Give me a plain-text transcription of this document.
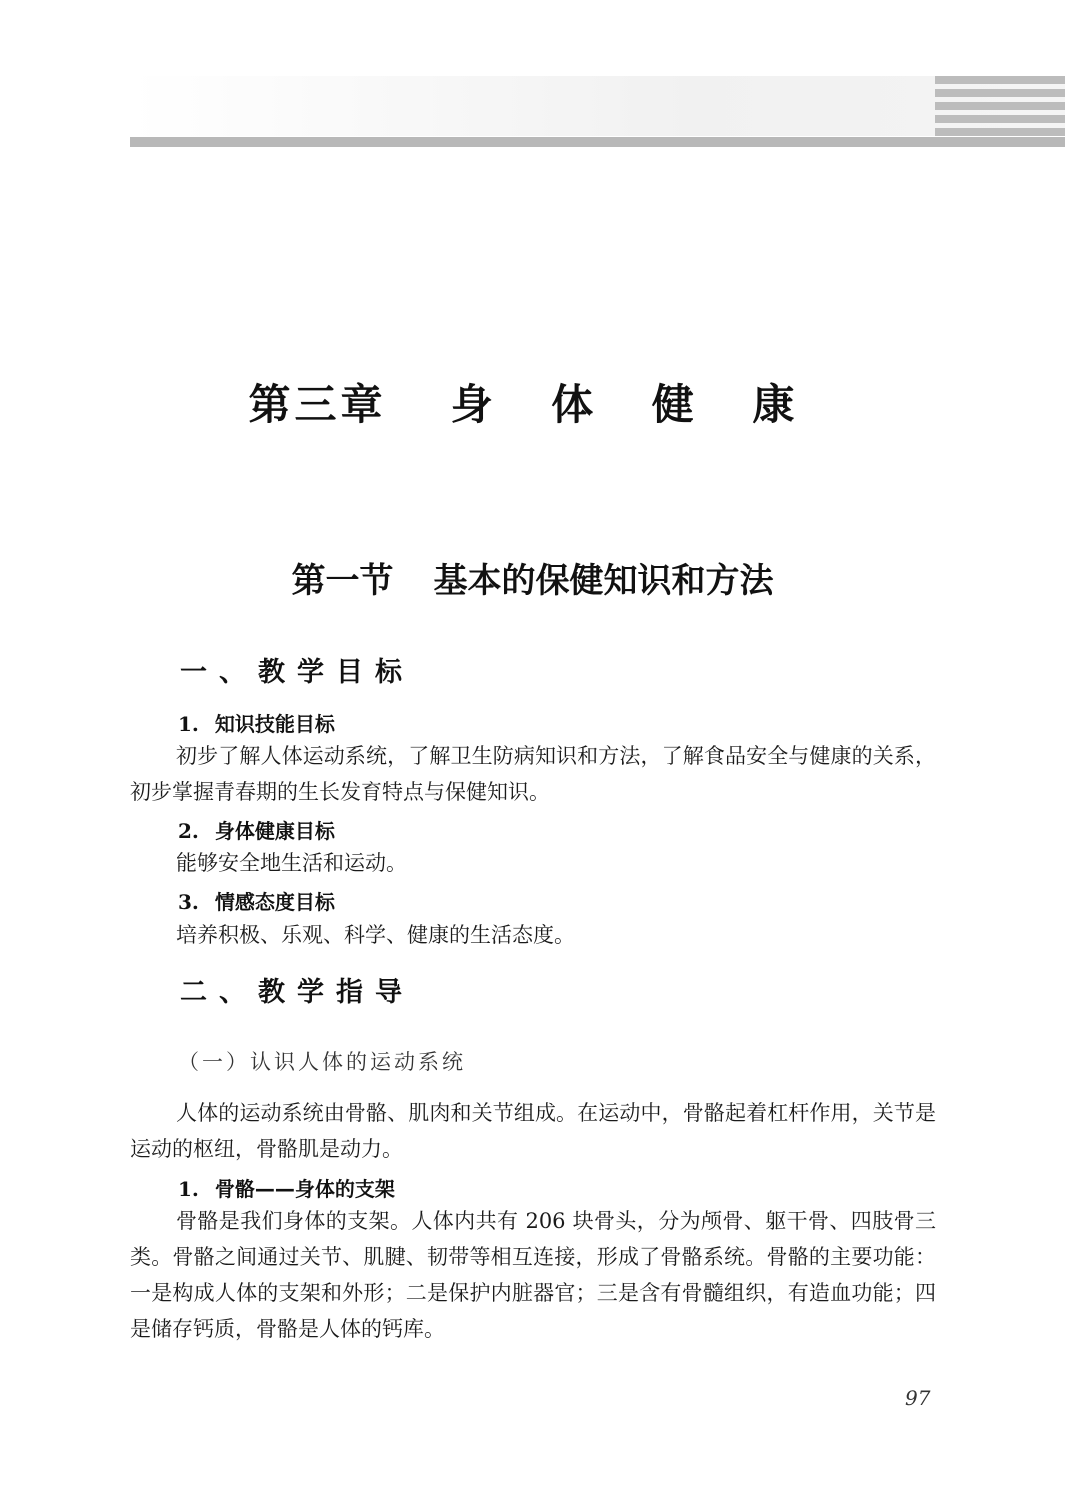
第三章 身 体 健 康
第一节 基本的保健知识和方法
一、教学目标
1. 知识技能目标

初步了解人体运动系统，了解卫生防病知识和方法，了解食品安全与健康的关系，初步掌握青春期的生长发育特点与保健知识。

2. 身体健康目标

能够安全地生活和运动。

3. 情感态度目标

培养积极、乐观、科学、健康的生活态度。

二、教学指导
（一）认识人体的运动系统

人体的运动系统由骨骼、肌肉和关节组成。在运动中，骨骼起着杠杆作用，关节是运动的枢纽，骨骼肌是动力。

1. 骨骼——身体的支架

骨骼是我们身体的支架。人体内共有 206 块骨头，分为颅骨、躯干骨、四肢骨三类。骨骼之间通过关节、肌腱、韧带等相互连接，形成了骨骼系统。骨骼的主要功能：一是构成人体的支架和外形；二是保护内脏器官；三是含有骨髓组织，有造血功能；四是储存钙质，骨骼是人体的钙库。

97
